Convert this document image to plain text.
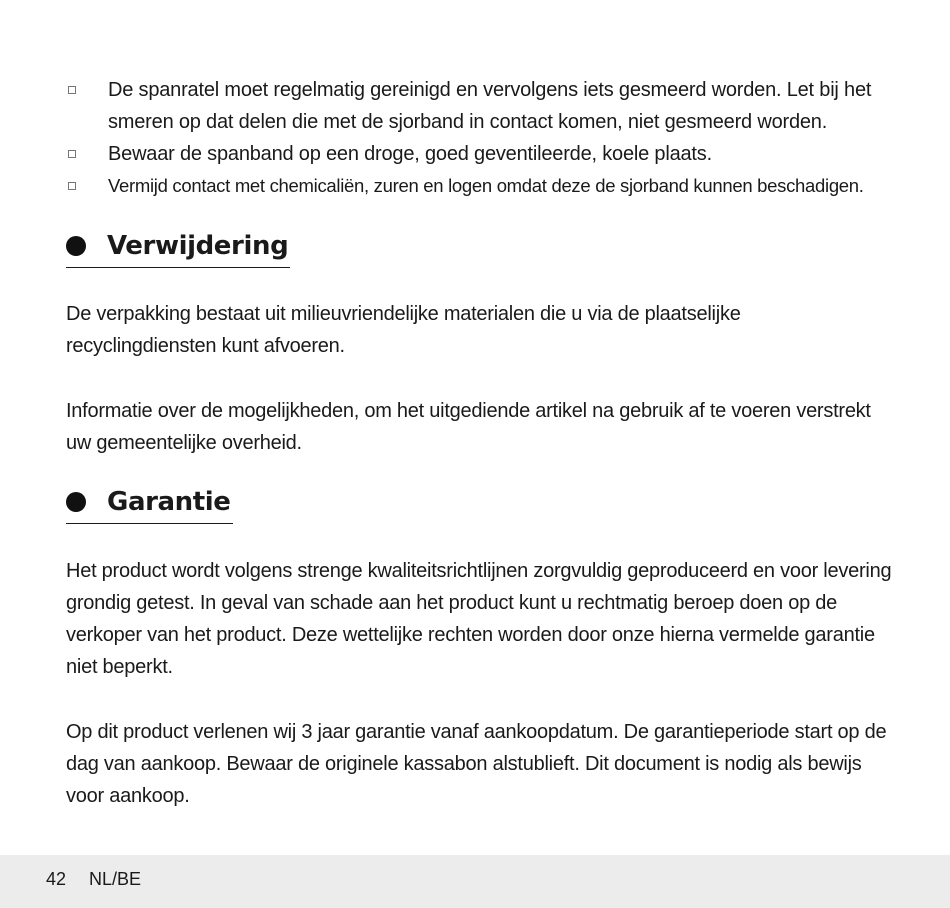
De spanratel moet regelmatig gereinigd en vervolgens iets gesmeerd worden. Let bij het smeren op dat delen die met de sjorband in contact komen, niet gesmeerd worden.
Bewaar de spanband op een droge, goed geventileerde, koele plaats.
Vermijd contact met chemicaliën, zuren en logen omdat deze de sjorband kunnen beschadigen.
Verwijdering

De verpakking bestaat uit milieuvriendelijke materialen die u via de plaatselijke recyclingdiensten kunt afvoeren.

Informatie over de mogelijkheden, om het uitgediende artikel na gebruik af te voeren verstrekt uw gemeentelijke overheid.

Garantie

Het product wordt volgens strenge kwaliteitsrichtlijnen zorgvuldig geproduceerd en voor levering grondig getest. In geval van schade aan het product kunt u rechtmatig beroep doen op de verkoper van het product. Deze wettelijke rechten worden door onze hierna vermelde garantie niet beperkt.

Op dit product verlenen wij 3 jaar garantie vanaf aankoopdatum. De garantieperiode start op de dag van aankoop. Bewaar de originele kassabon alstublieft. Dit document is nodig als bewijs voor aankoop.

42 NL/BE
